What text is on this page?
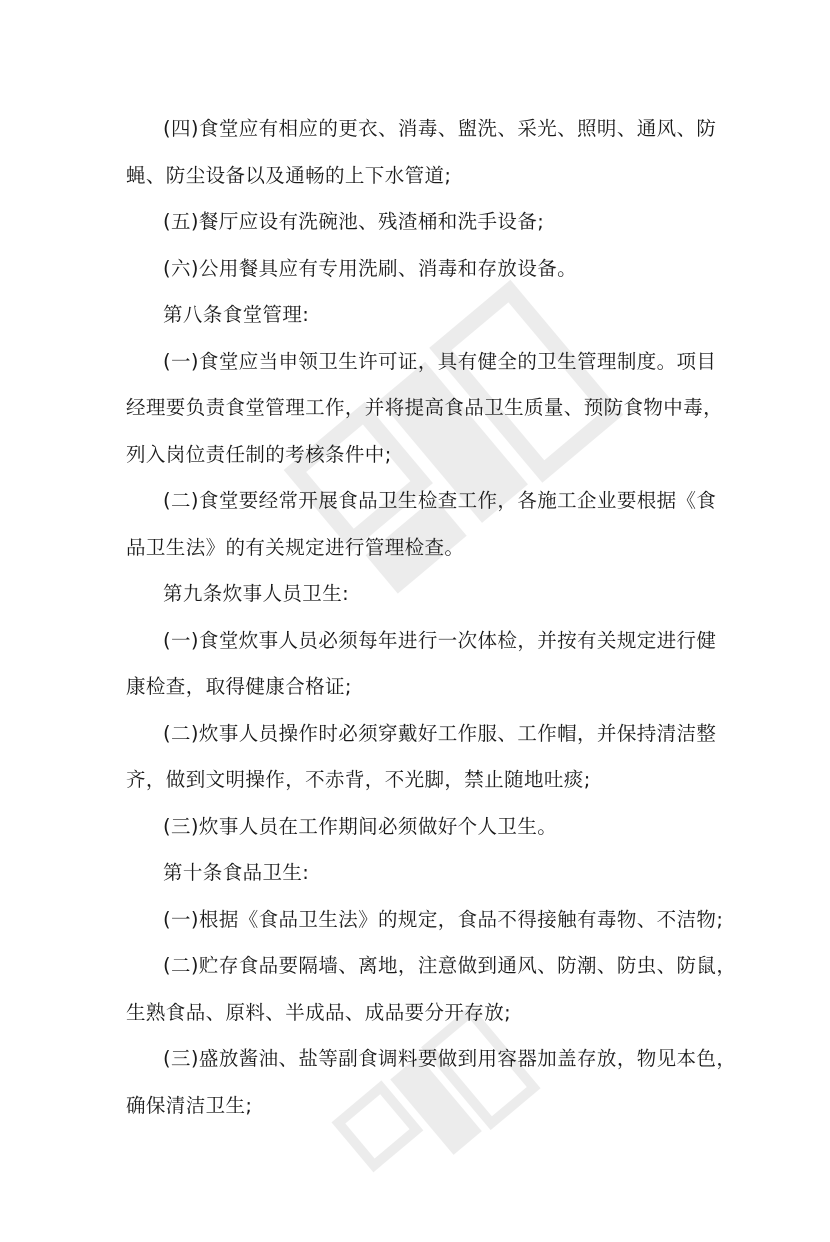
(四)食堂应有相应的更衣、消毒、盥洗、采光、照明、通风、防

蝇、防尘设备以及通畅的上下水管道;

(五)餐厅应设有洗碗池、残渣桶和洗手设备;

(六)公用餐具应有专用洗刷、消毒和存放设备。

第八条食堂管理:

(一)食堂应当申领卫生许可证，具有健全的卫生管理制度。项目

经理要负责食堂管理工作，并将提高食品卫生质量、预防食物中毒，

列入岗位责任制的考核条件中;

(二)食堂要经常开展食品卫生检查工作，各施工企业要根据《食

品卫生法》的有关规定进行管理检查。

第九条炊事人员卫生:

(一)食堂炊事人员必须每年进行一次体检，并按有关规定进行健

康检查，取得健康合格证;

(二)炊事人员操作时必须穿戴好工作服、工作帽，并保持清洁整

齐，做到文明操作，不赤背，不光脚，禁止随地吐痰;

(三)炊事人员在工作期间必须做好个人卫生。

第十条食品卫生:

(一)根据《食品卫生法》的规定，食品不得接触有毒物、不洁物;

(二)贮存食品要隔墙、离地，注意做到通风、防潮、防虫、防鼠，

生熟食品、原料、半成品、成品要分开存放;

(三)盛放酱油、盐等副食调料要做到用容器加盖存放，物见本色，

确保清洁卫生;
